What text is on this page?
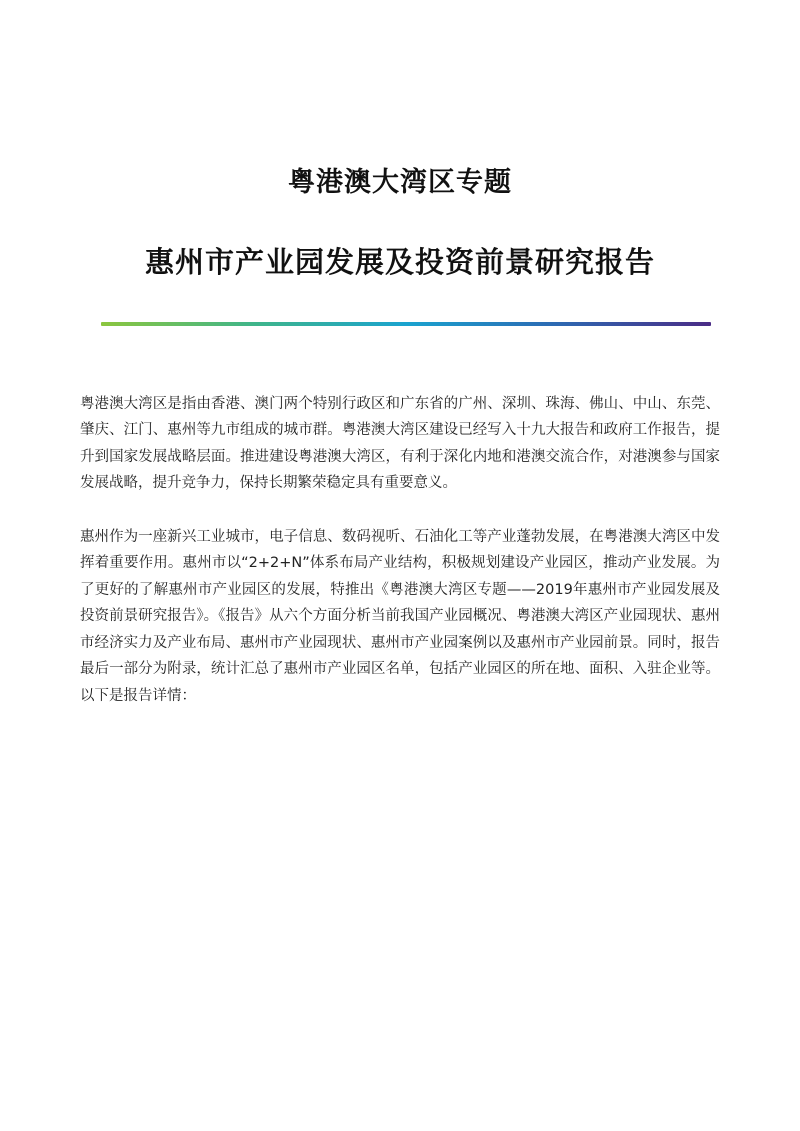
粤港澳大湾区专题
惠州市产业园发展及投资前景研究报告

粤港澳大湾区是指由香港、澳门两个特别行政区和广东省的广州、深圳、珠海、佛山、中山、东莞、肇庆、江门、惠州等九市组成的城市群。粤港澳大湾区建设已经写入十九大报告和政府工作报告，提升到国家发展战略层面。推进建设粤港澳大湾区，有利于深化内地和港澳交流合作，对港澳参与国家发展战略，提升竞争力，保持长期繁荣稳定具有重要意义。

惠州作为一座新兴工业城市，电子信息、数码视听、石油化工等产业蓬勃发展，在粤港澳大湾区中发挥着重要作用。惠州市以“2+2+N”体系布局产业结构，积极规划建设产业园区，推动产业发展。为了更好的了解惠州市产业园区的发展，特推出《粤港澳大湾区专题——2019年惠州市产业园发展及投资前景研究报告》。《报告》从六个方面分析当前我国产业园概况、粤港澳大湾区产业园现状、惠州市经济实力及产业布局、惠州市产业园现状、惠州市产业园案例以及惠州市产业园前景。同时，报告最后一部分为附录，统计汇总了惠州市产业园区名单，包括产业园区的所在地、面积、入驻企业等。以下是报告详情：
